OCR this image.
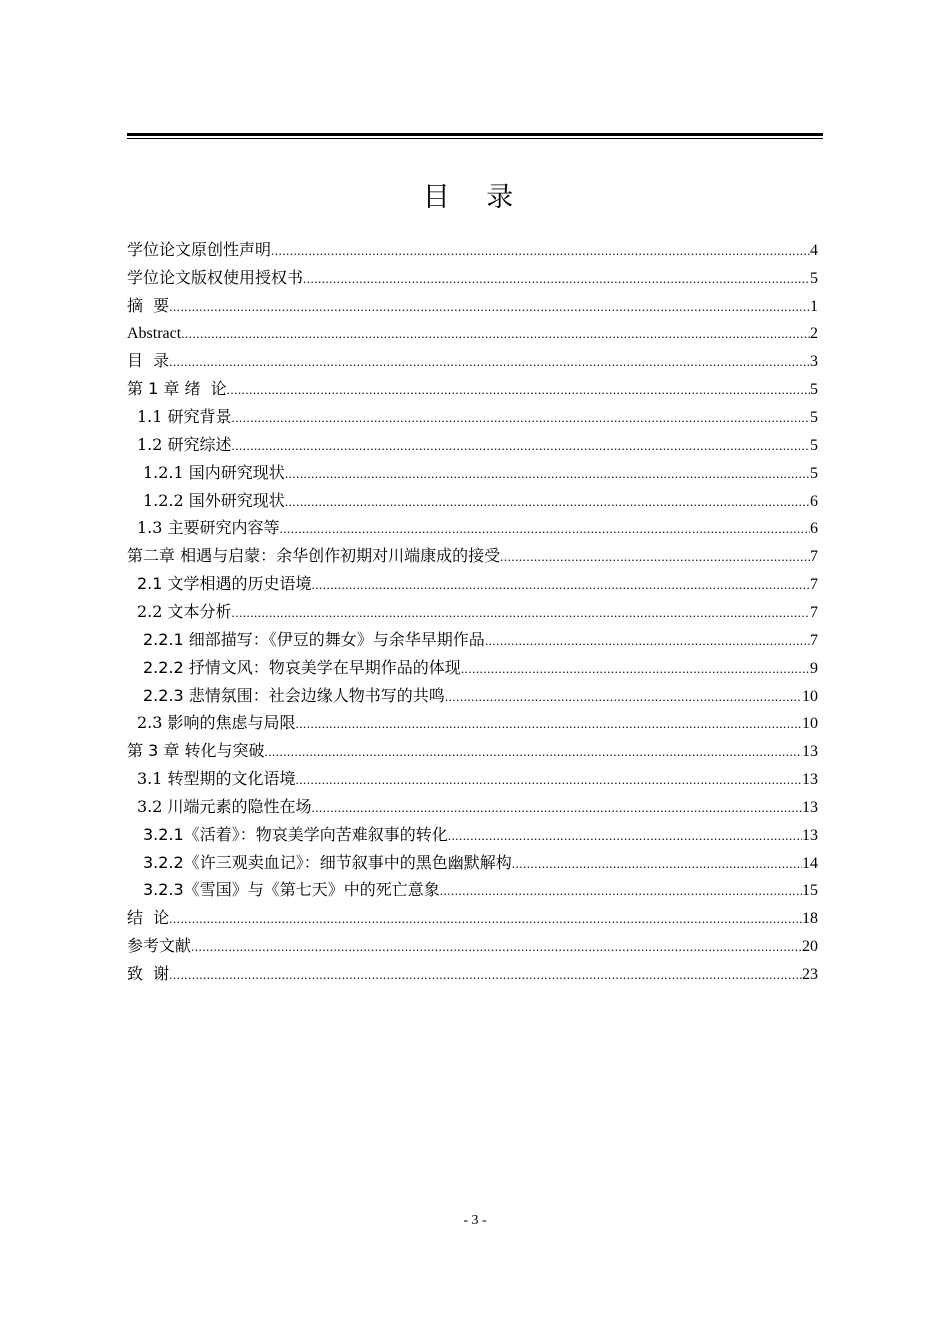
目 录
学位论文原创性声明 .....	4
学位论文版权使用授权书 .....	5
摘  要 .....	1
Abstract .....	2
目  录 .....	3
第 1 章 绪  论 .....	5
1.1 研究背景 .....	5
1.2 研究综述 .....	5
1.2.1 国内研究现状 .....	5
1.2.2 国外研究现状 .....	6
1.3 主要研究内容等 .....	6
第二章 相遇与启蒙：余华创作初期对川端康成的接受 .....	7
2.1 文学相遇的历史语境 .....	7
2.2 文本分析 .....	7
2.2.1 细部描写：《伊豆的舞女》与余华早期作品 .....	7
2.2.2 抒情文风：物哀美学在早期作品的体现 .....	9
2.2.3 悲情氛围：社会边缘人物书写的共鸣 .....	10
2.3 影响的焦虑与局限 .....	10
第 3 章 转化与突破 .....	13
3.1 转型期的文化语境 .....	13
3.2 川端元素的隐性在场 .....	13
3.2.1《活着》：物哀美学向苦难叙事的转化 .....	13
3.2.2《许三观卖血记》：细节叙事中的黑色幽默解构 .....	14
3.2.3《雪国》与《第七天》中的死亡意象 .....	15
结  论 .....	18
参考文献 .....	20
致  谢 .....	23
- 3 -
